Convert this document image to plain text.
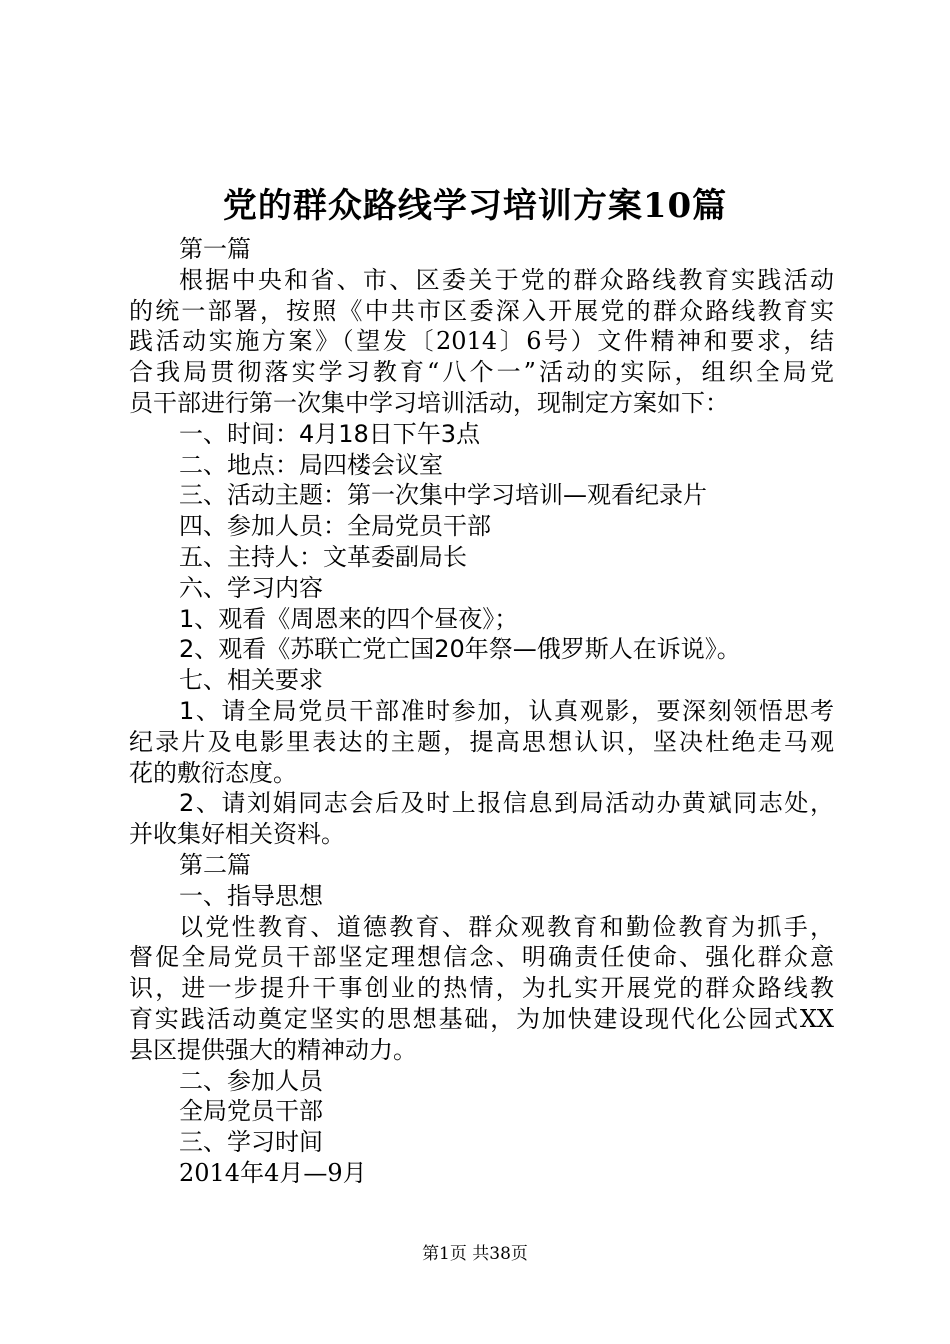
党的群众路线学习培训方案10篇

第一篇

根据中央和省、市、区委关于党的群众路线教育实践活动
的统一部署，按照《中共市区委深入开展党的群众路线教育实
践活动实施方案》（望发〔2014〕6号）文件精神和要求，结
合我局贯彻落实学习教育“八个一”活动的实际，组织全局党
员干部进行第一次集中学习培训活动，现制定方案如下：

一、时间：4月18日下午3点

二、地点：局四楼会议室

三、活动主题：第一次集中学习培训—观看纪录片

四、参加人员：全局党员干部

五、主持人：文革委副局长

六、学习内容

1、观看《周恩来的四个昼夜》；

2、观看《苏联亡党亡国20年祭—俄罗斯人在诉说》。

七、相关要求

1、请全局党员干部准时参加，认真观影，要深刻领悟思考
纪录片及电影里表达的主题，提高思想认识，坚决杜绝走马观
花的敷衍态度。

2、请刘娟同志会后及时上报信息到局活动办黄斌同志处，
并收集好相关资料。

第二篇

一、指导思想

以党性教育、道德教育、群众观教育和勤俭教育为抓手，
督促全局党员干部坚定理想信念、明确责任使命、强化群众意
识，进一步提升干事创业的热情，为扎实开展党的群众路线教
育实践活动奠定坚实的思想基础，为加快建设现代化公园式XX
县区提供强大的精神动力。

二、参加人员

全局党员干部

三、学习时间

2014年4月—9月

第1页 共38页
